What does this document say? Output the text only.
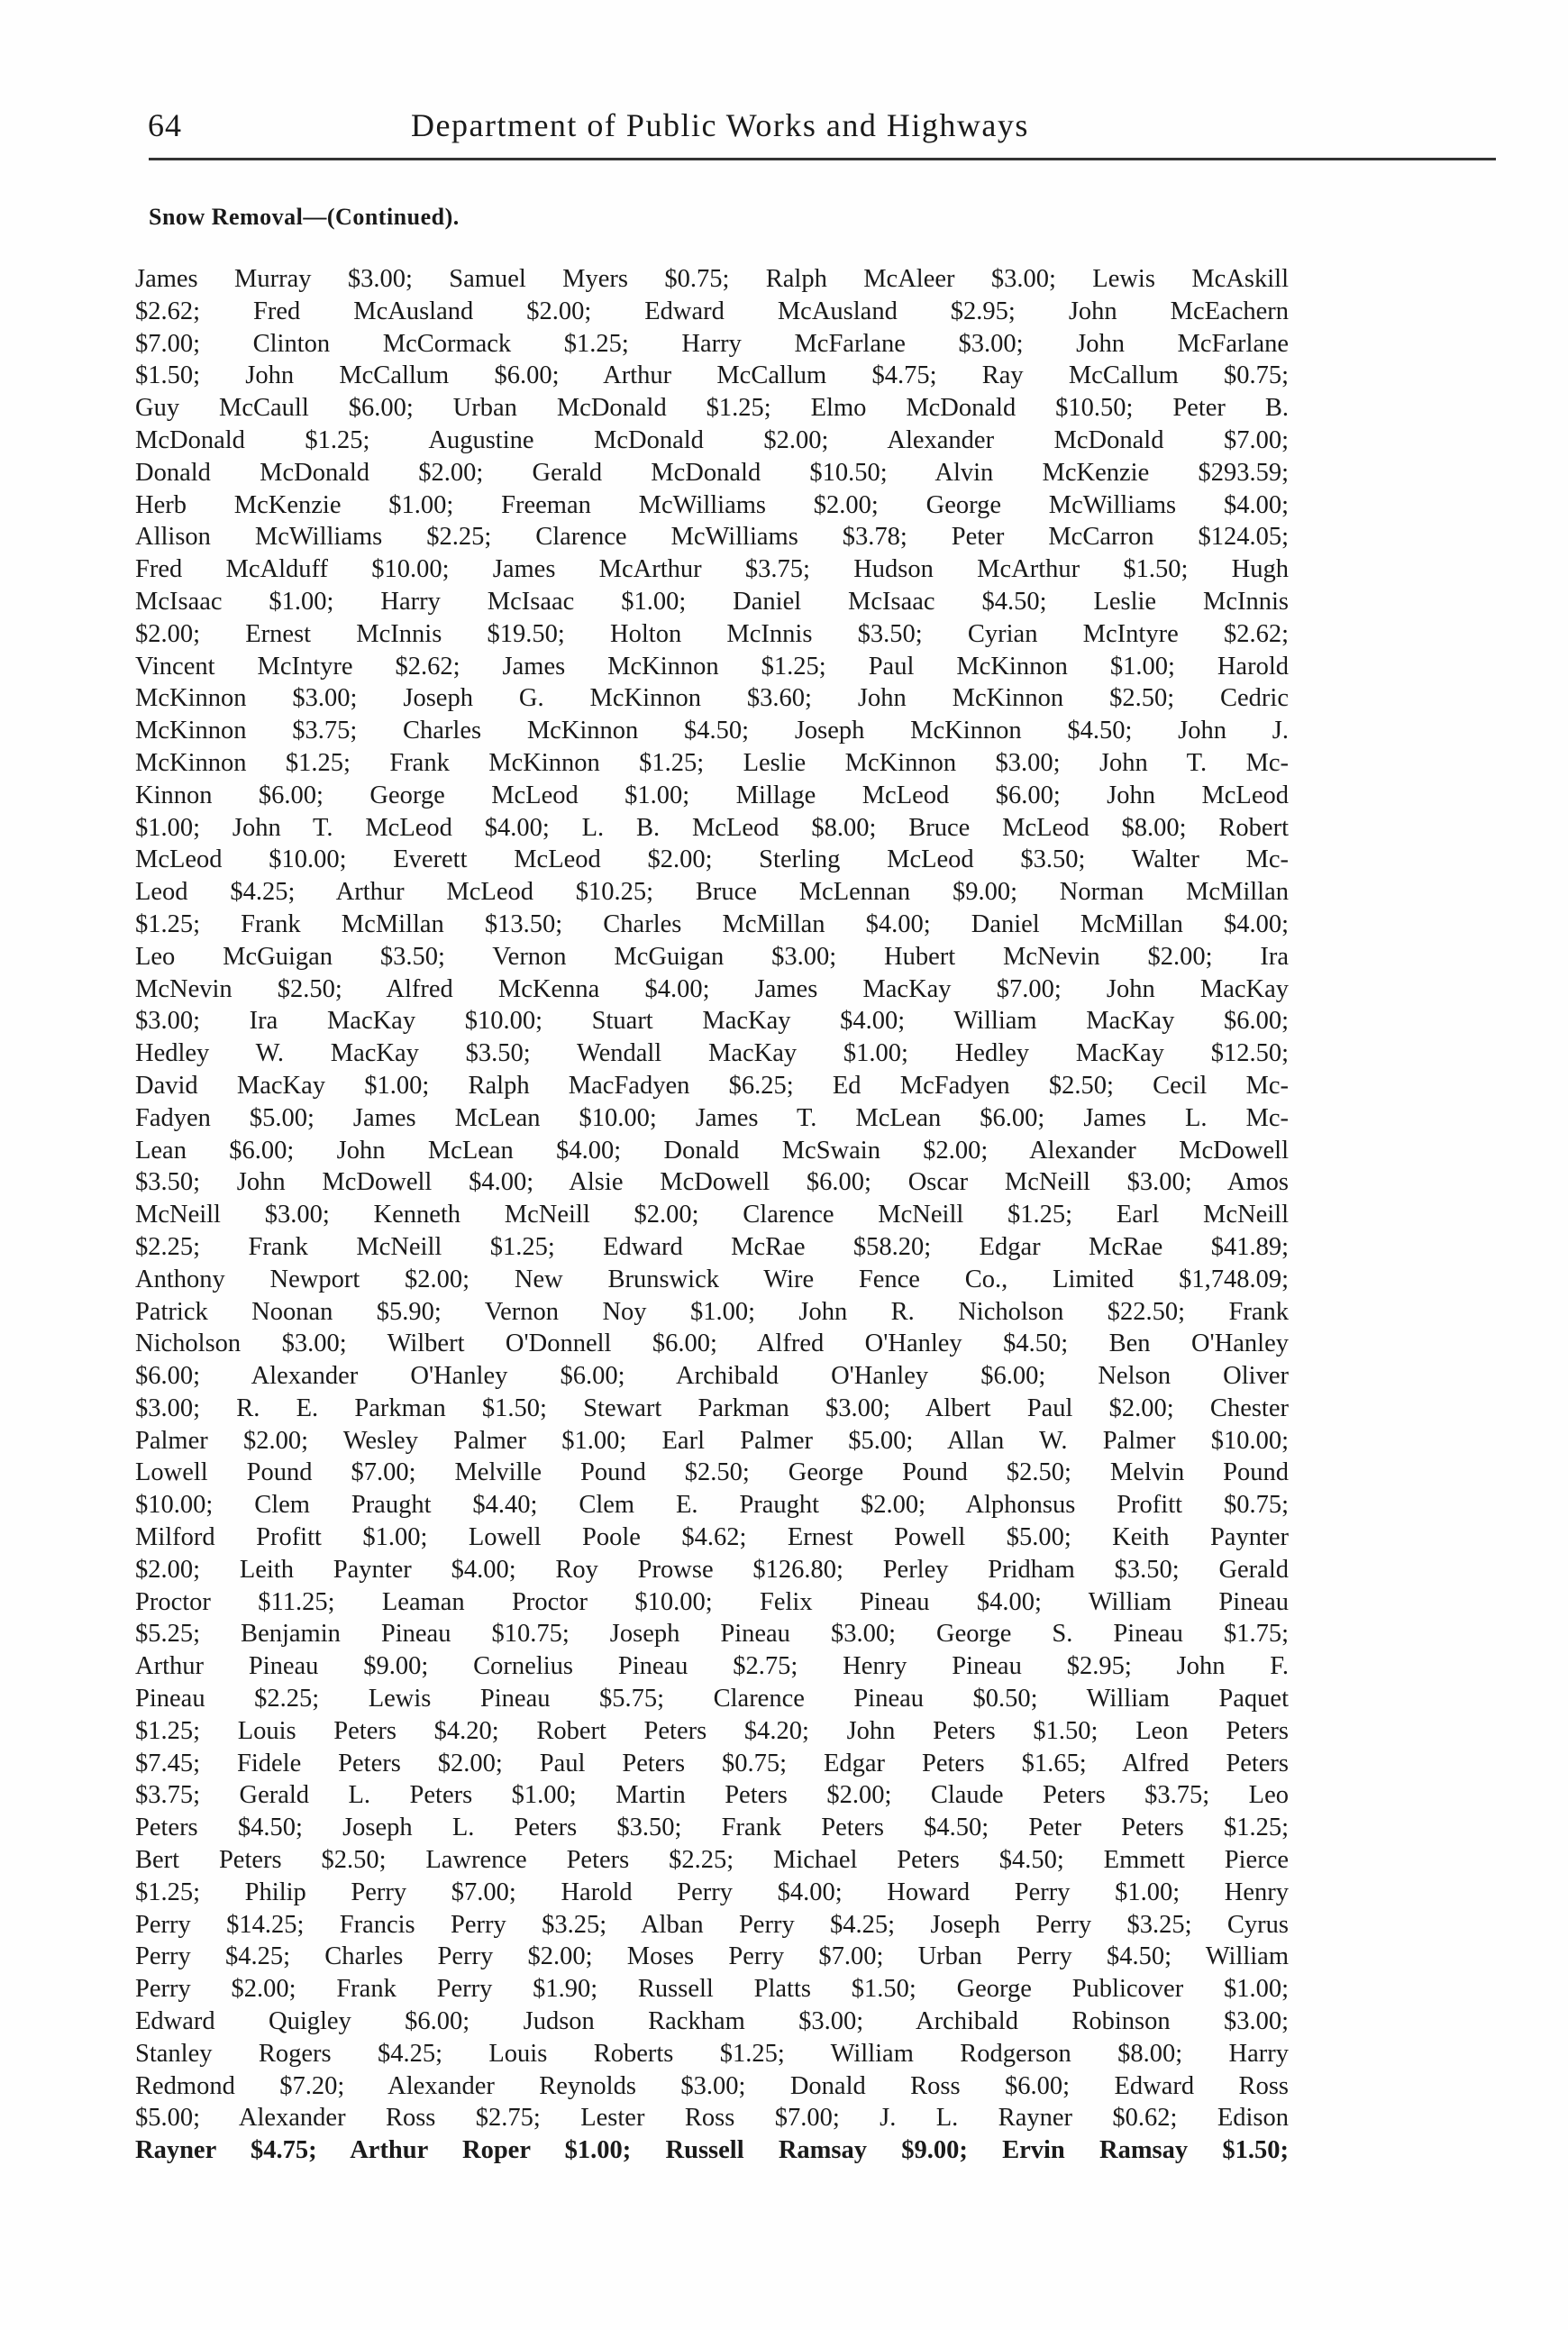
64	Department of Public Works and Highways
Snow Removal—(Continued).
James Murray $3.00; Samuel Myers $0.75; Ralph McAleer $3.00; Lewis McAskill
$2.62; Fred McAusland $2.00; Edward McAusland $2.95; John McEachern
$7.00; Clinton McCormack $1.25; Harry McFarlane $3.00; John McFarlane
$1.50; John McCallum $6.00; Arthur McCallum $4.75; Ray McCallum $0.75;
Guy McCaull $6.00; Urban McDonald $1.25; Elmo McDonald $10.50; Peter B.
McDonald $1.25; Augustine McDonald $2.00; Alexander McDonald $7.00;
Donald McDonald $2.00; Gerald McDonald $10.50; Alvin McKenzie $293.59;
Herb McKenzie $1.00; Freeman McWilliams $2.00; George McWilliams $4.00;
Allison McWilliams $2.25; Clarence McWilliams $3.78; Peter McCarron $124.05;
Fred McAlduff $10.00; James McArthur $3.75; Hudson McArthur $1.50; Hugh
McIsaac $1.00; Harry McIsaac $1.00; Daniel McIsaac $4.50; Leslie McInnis
$2.00; Ernest McInnis $19.50; Holton McInnis $3.50; Cyrian McIntyre $2.62;
Vincent McIntyre $2.62; James McKinnon $1.25; Paul McKinnon $1.00; Harold
McKinnon $3.00; Joseph G. McKinnon $3.60; John McKinnon $2.50; Cedric
McKinnon $3.75; Charles McKinnon $4.50; Joseph McKinnon $4.50; John J.
McKinnon $1.25; Frank McKinnon $1.25; Leslie McKinnon $3.00; John T. Mc-
Kinnon $6.00; George McLeod $1.00; Millage McLeod $6.00; John McLeod
$1.00; John T. McLeod $4.00; L. B. McLeod $8.00; Bruce McLeod $8.00; Robert
McLeod $10.00; Everett McLeod $2.00; Sterling McLeod $3.50; Walter Mc-
Leod $4.25; Arthur McLeod $10.25; Bruce McLennan $9.00; Norman McMillan
$1.25; Frank McMillan $13.50; Charles McMillan $4.00; Daniel McMillan $4.00;
Leo McGuigan $3.50; Vernon McGuigan $3.00; Hubert McNevin $2.00; Ira
McNevin $2.50; Alfred McKenna $4.00; James MacKay $7.00; John MacKay
$3.00; Ira MacKay $10.00; Stuart MacKay $4.00; William MacKay $6.00;
Hedley W. MacKay $3.50; Wendall MacKay $1.00; Hedley MacKay $12.50;
David MacKay $1.00; Ralph MacFadyen $6.25; Ed McFadyen $2.50; Cecil Mc-
Fadyen $5.00; James McLean $10.00; James T. McLean $6.00; James L. Mc-
Lean $6.00; John McLean $4.00; Donald McSwain $2.00; Alexander McDowell
$3.50; John McDowell $4.00; Alsie McDowell $6.00; Oscar McNeill $3.00; Amos
McNeill $3.00; Kenneth McNeill $2.00; Clarence McNeill $1.25; Earl McNeill
$2.25; Frank McNeill $1.25; Edward McRae $58.20; Edgar McRae $41.89;
Anthony Newport $2.00; New Brunswick Wire Fence Co., Limited $1,748.09;
Patrick Noonan $5.90; Vernon Noy $1.00; John R. Nicholson $22.50; Frank
Nicholson $3.00; Wilbert O'Donnell $6.00; Alfred O'Hanley $4.50; Ben O'Hanley
$6.00; Alexander O'Hanley $6.00; Archibald O'Hanley $6.00; Nelson Oliver
$3.00; R. E. Parkman $1.50; Stewart Parkman $3.00; Albert Paul $2.00; Chester
Palmer $2.00; Wesley Palmer $1.00; Earl Palmer $5.00; Allan W. Palmer $10.00;
Lowell Pound $7.00; Melville Pound $2.50; George Pound $2.50; Melvin Pound
$10.00; Clem Praught $4.40; Clem E. Praught $2.00; Alphonsus Profitt $0.75;
Milford Profitt $1.00; Lowell Poole $4.62; Ernest Powell $5.00; Keith Paynter
$2.00; Leith Paynter $4.00; Roy Prowse $126.80; Perley Pridham $3.50; Gerald
Proctor $11.25; Leaman Proctor $10.00; Felix Pineau $4.00; William Pineau
$5.25; Benjamin Pineau $10.75; Joseph Pineau $3.00; George S. Pineau $1.75;
Arthur Pineau $9.00; Cornelius Pineau $2.75; Henry Pineau $2.95; John F.
Pineau $2.25; Lewis Pineau $5.75; Clarence Pineau $0.50; William Paquet
$1.25; Louis Peters $4.20; Robert Peters $4.20; John Peters $1.50; Leon Peters
$7.45; Fidele Peters $2.00; Paul Peters $0.75; Edgar Peters $1.65; Alfred Peters
$3.75; Gerald L. Peters $1.00; Martin Peters $2.00; Claude Peters $3.75; Leo
Peters $4.50; Joseph L. Peters $3.50; Frank Peters $4.50; Peter Peters $1.25;
Bert Peters $2.50; Lawrence Peters $2.25; Michael Peters $4.50; Emmett Pierce
$1.25; Philip Perry $7.00; Harold Perry $4.00; Howard Perry $1.00; Henry
Perry $14.25; Francis Perry $3.25; Alban Perry $4.25; Joseph Perry $3.25; Cyrus
Perry $4.25; Charles Perry $2.00; Moses Perry $7.00; Urban Perry $4.50; William
Perry $2.00; Frank Perry $1.90; Russell Platts $1.50; George Publicover $1.00;
Edward Quigley $6.00; Judson Rackham $3.00; Archibald Robinson $3.00;
Stanley Rogers $4.25; Louis Roberts $1.25; William Rodgerson $8.00; Harry
Redmond $7.20; Alexander Reynolds $3.00; Donald Ross $6.00; Edward Ross
$5.00; Alexander Ross $2.75; Lester Ross $7.00; J. L. Rayner $0.62; Edison
Rayner $4.75; Arthur Roper $1.00; Russell Ramsay $9.00; Ervin Ramsay $1.50;
